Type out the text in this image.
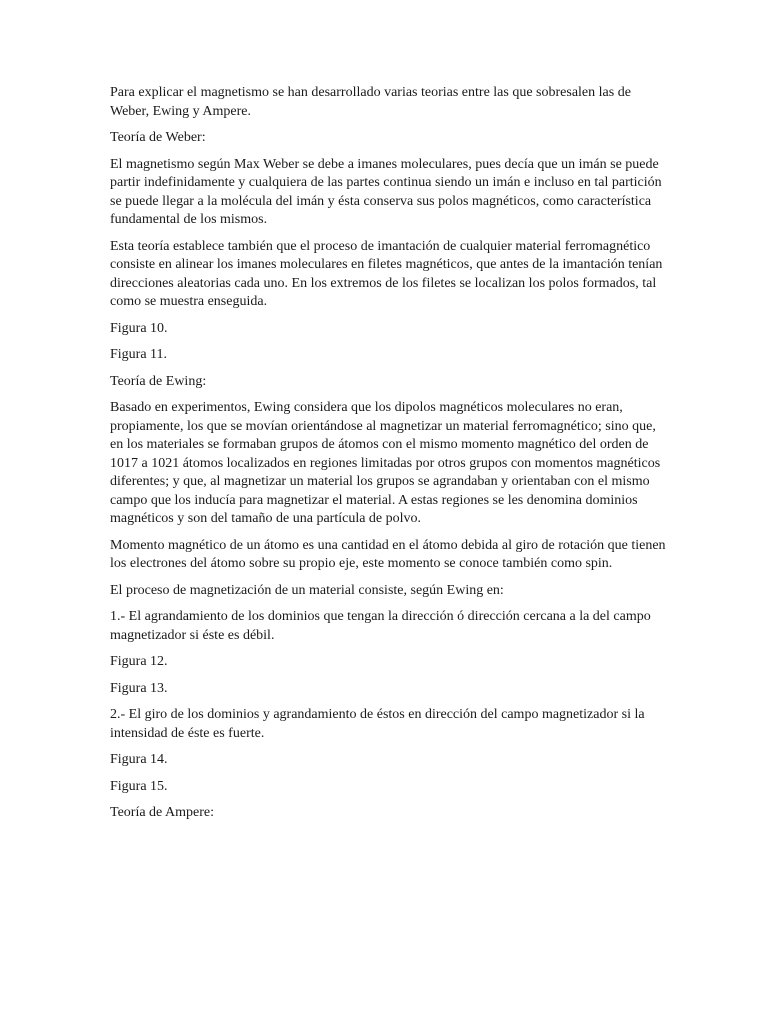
Para explicar el magnetismo se han desarrollado varias teorias entre las que sobresalen las de Weber, Ewing y Ampere.

Teoría de Weber:

El magnetismo según Max Weber se debe a imanes moleculares, pues decía que un imán se puede partir indefinidamente y cualquiera de las partes continua siendo un imán e incluso en tal partición se puede llegar a la molécula del imán y ésta conserva sus polos magnéticos, como característica fundamental de los mismos.

Esta teoría establece también que el proceso de imantación de cualquier material ferromagnético consiste en alinear los imanes moleculares en filetes magnéticos, que antes de la imantación tenían direcciones aleatorias cada uno. En los extremos de los filetes se localizan los polos formados, tal como se muestra enseguida.

Figura 10.

Figura 11.

Teoría de Ewing:

Basado en experimentos, Ewing considera que los dipolos magnéticos moleculares no eran, propiamente, los que se movían orientándose al magnetizar un material ferromagnético; sino que, en los materiales se formaban grupos de átomos con el mismo momento magnético del orden de 1017 a 1021 átomos localizados en regiones limitadas por otros grupos con momentos magnéticos diferentes; y que, al magnetizar un material los grupos se agrandaban y orientaban con el mismo campo que los inducía para magnetizar el material. A estas regiones se les denomina dominios magnéticos y son del tamaño de una partícula de polvo.

Momento magnético de un átomo es una cantidad en el átomo debida al giro de rotación que tienen los electrones del átomo sobre su propio eje, este momento se conoce también como spin.

El proceso de magnetización de un material consiste, según Ewing en:

1.- El agrandamiento de los dominios que tengan la dirección ó dirección cercana a la del campo magnetizador si éste es débil.

Figura 12.

Figura 13.

2.- El giro de los dominios y agrandamiento de éstos en dirección del campo magnetizador si la intensidad de éste es fuerte.

Figura 14.

Figura 15.

Teoría de Ampere:
